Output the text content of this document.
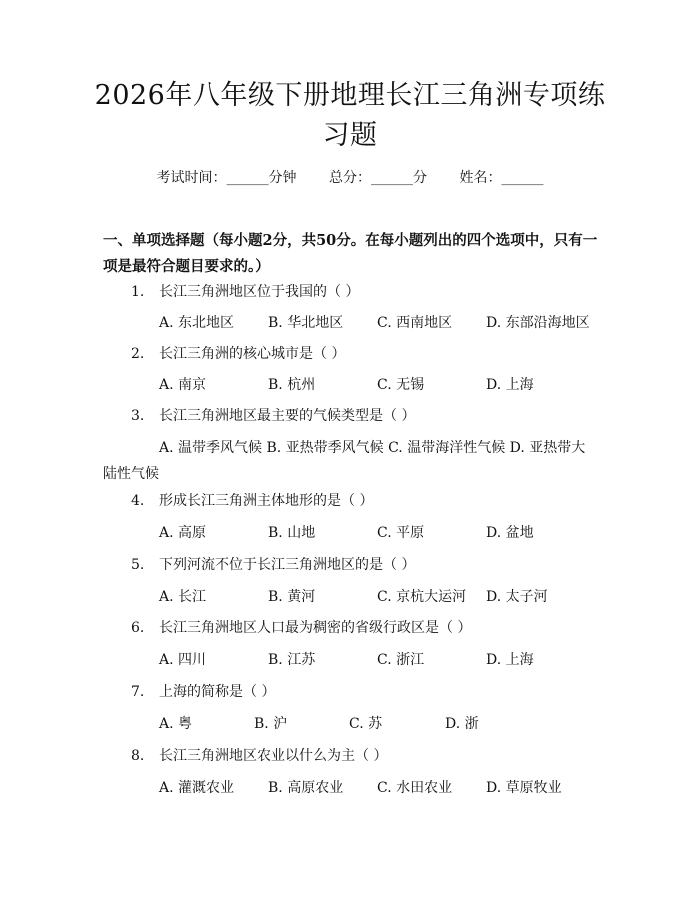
2026年八年级下册地理长江三角洲专项练习题
考试时间：______分钟 总分：______分 姓名：______
一、单项选择题（每小题2分，共50分。在每小题列出的四个选项中，只有一项是最符合题目要求的。）
1. 长江三角洲地区位于我国的（ ）
A. 东北地区 B. 华北地区 C. 西南地区 D. 东部沿海地区
2. 长江三角洲的核心城市是（ ）
A. 南京	B. 杭州	C. 无锡	D. 上海
3. 长江三角洲地区最主要的气候类型是（ ）
A. 温带季风气候 B. 亚热带季风气候 C. 温带海洋性气候 D. 亚热带大陆性气候
4. 形成长江三角洲主体地形的是（ ）
A. 高原	B. 山地	C. 平原	D. 盆地
5. 下列河流不位于长江三角洲地区的是（ ）
A. 长江	B. 黄河	C. 京杭大运河 D. 太子河
6. 长江三角洲地区人口最为稠密的省级行政区是（ ）
A. 四川	B. 江苏	C. 浙江	D. 上海
7. 上海的简称是（ ）
A. 粤	B. 沪	C. 苏	D. 浙
8. 长江三角洲地区农业以什么为主（ ）
A. 灌溉农业 B. 高原农业 C. 水田农业 D. 草原牧业
